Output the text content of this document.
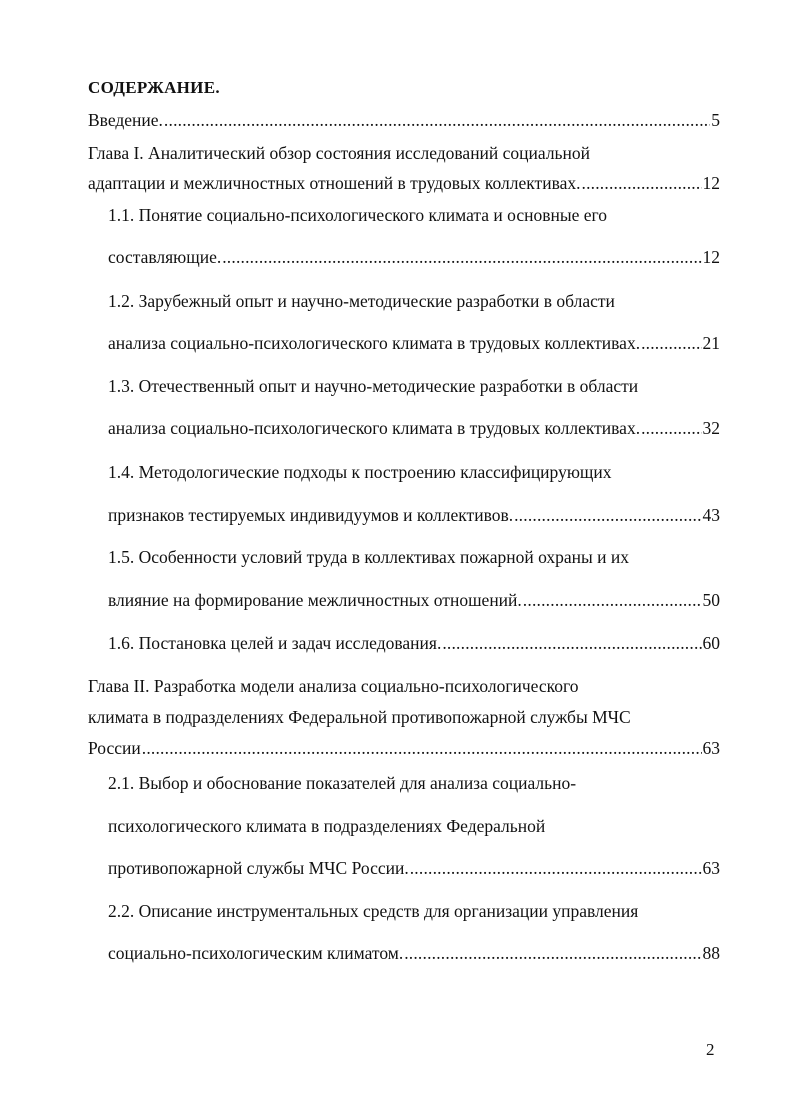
СОДЕРЖАНИЕ.
Введение. .....	5
Глава I. Аналитический обзор состояния исследований социальной
адаптации и межличностных отношений в трудовых коллективах. .....	12
1.1. Понятие социально-психологического климата и основные его
составляющие. .....	12
1.2. Зарубежный опыт и научно-методические разработки в области
анализа социально-психологического климата в трудовых коллективах. .....	21
1.3. Отечественный опыт и научно-методические разработки в области
анализа социально-психологического климата в трудовых коллективах. .....	32
1.4. Методологические подходы к построению классифицирующих
признаков тестируемых индивидуумов и коллективов. .....	43
1.5. Особенности условий труда в коллективах пожарной охраны и их
влияние на формирование межличностных отношений. .....	50
1.6. Постановка целей и задач исследования. .....	60
Глава II. Разработка модели анализа социально-психологического
климата в подразделениях Федеральной противопожарной службы МЧС
России .....	63
2.1. Выбор и обоснование показателей для анализа социально-
психологического климата в подразделениях Федеральной
противопожарной службы МЧС России. .....	63
2.2. Описание инструментальных средств для организации управления
социально-психологическим климатом. .....	88
2
